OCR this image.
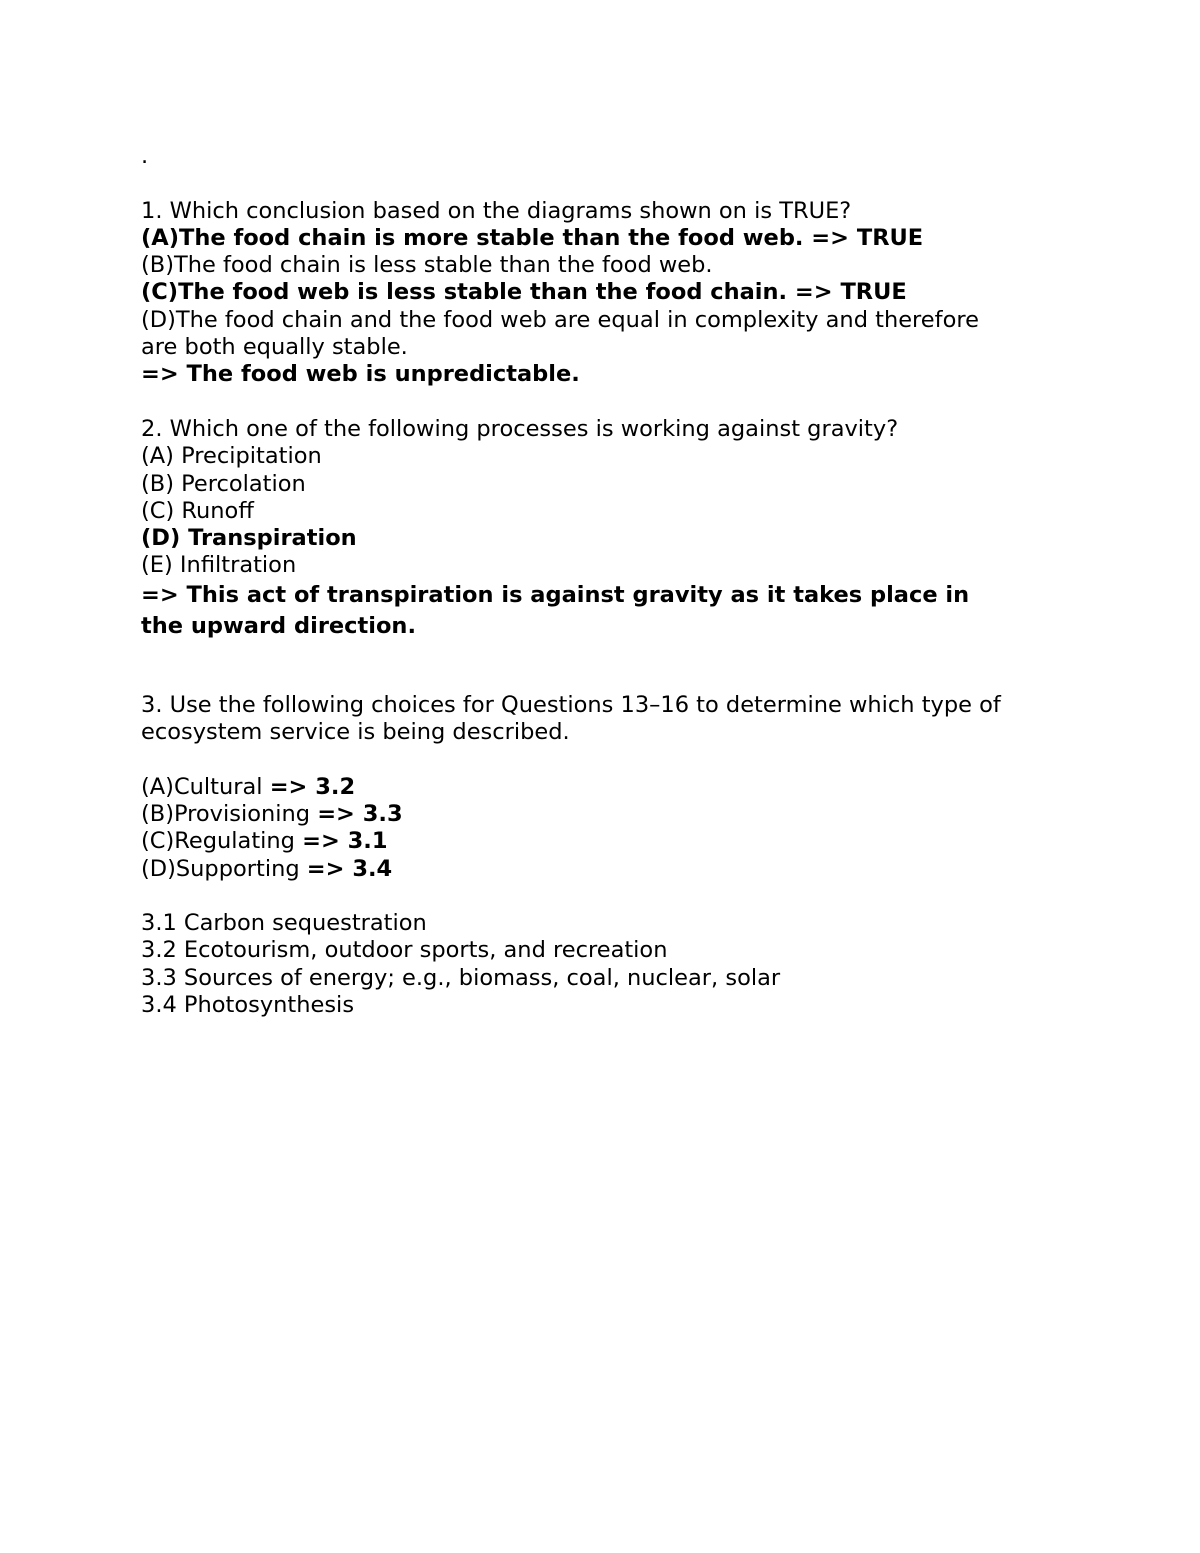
.
1. Which conclusion based on the diagrams shown on is TRUE?
(A)The food chain is more stable than the food web. => TRUE
(B)The food chain is less stable than the food web.
(C)The food web is less stable than the food chain. => TRUE
(D)The food chain and the food web are equal in complexity and therefore
are both equally stable.
=> The food web is unpredictable.
2. Which one of the following processes is working against gravity?
(A) Precipitation
(B) Percolation
(C) Runoff
(D) Transpiration
(E) Infiltration
=> This act of transpiration is against gravity as it takes place in
the upward direction.
3. Use the following choices for Questions 13–16 to determine which type of
ecosystem service is being described.
(A)Cultural => 3.2
(B)Provisioning => 3.3
(C)Regulating => 3.1
(D)Supporting => 3.4
3.1 Carbon sequestration
3.2 Ecotourism, outdoor sports, and recreation
3.3 Sources of energy; e.g., biomass, coal, nuclear, solar
3.4 Photosynthesis
